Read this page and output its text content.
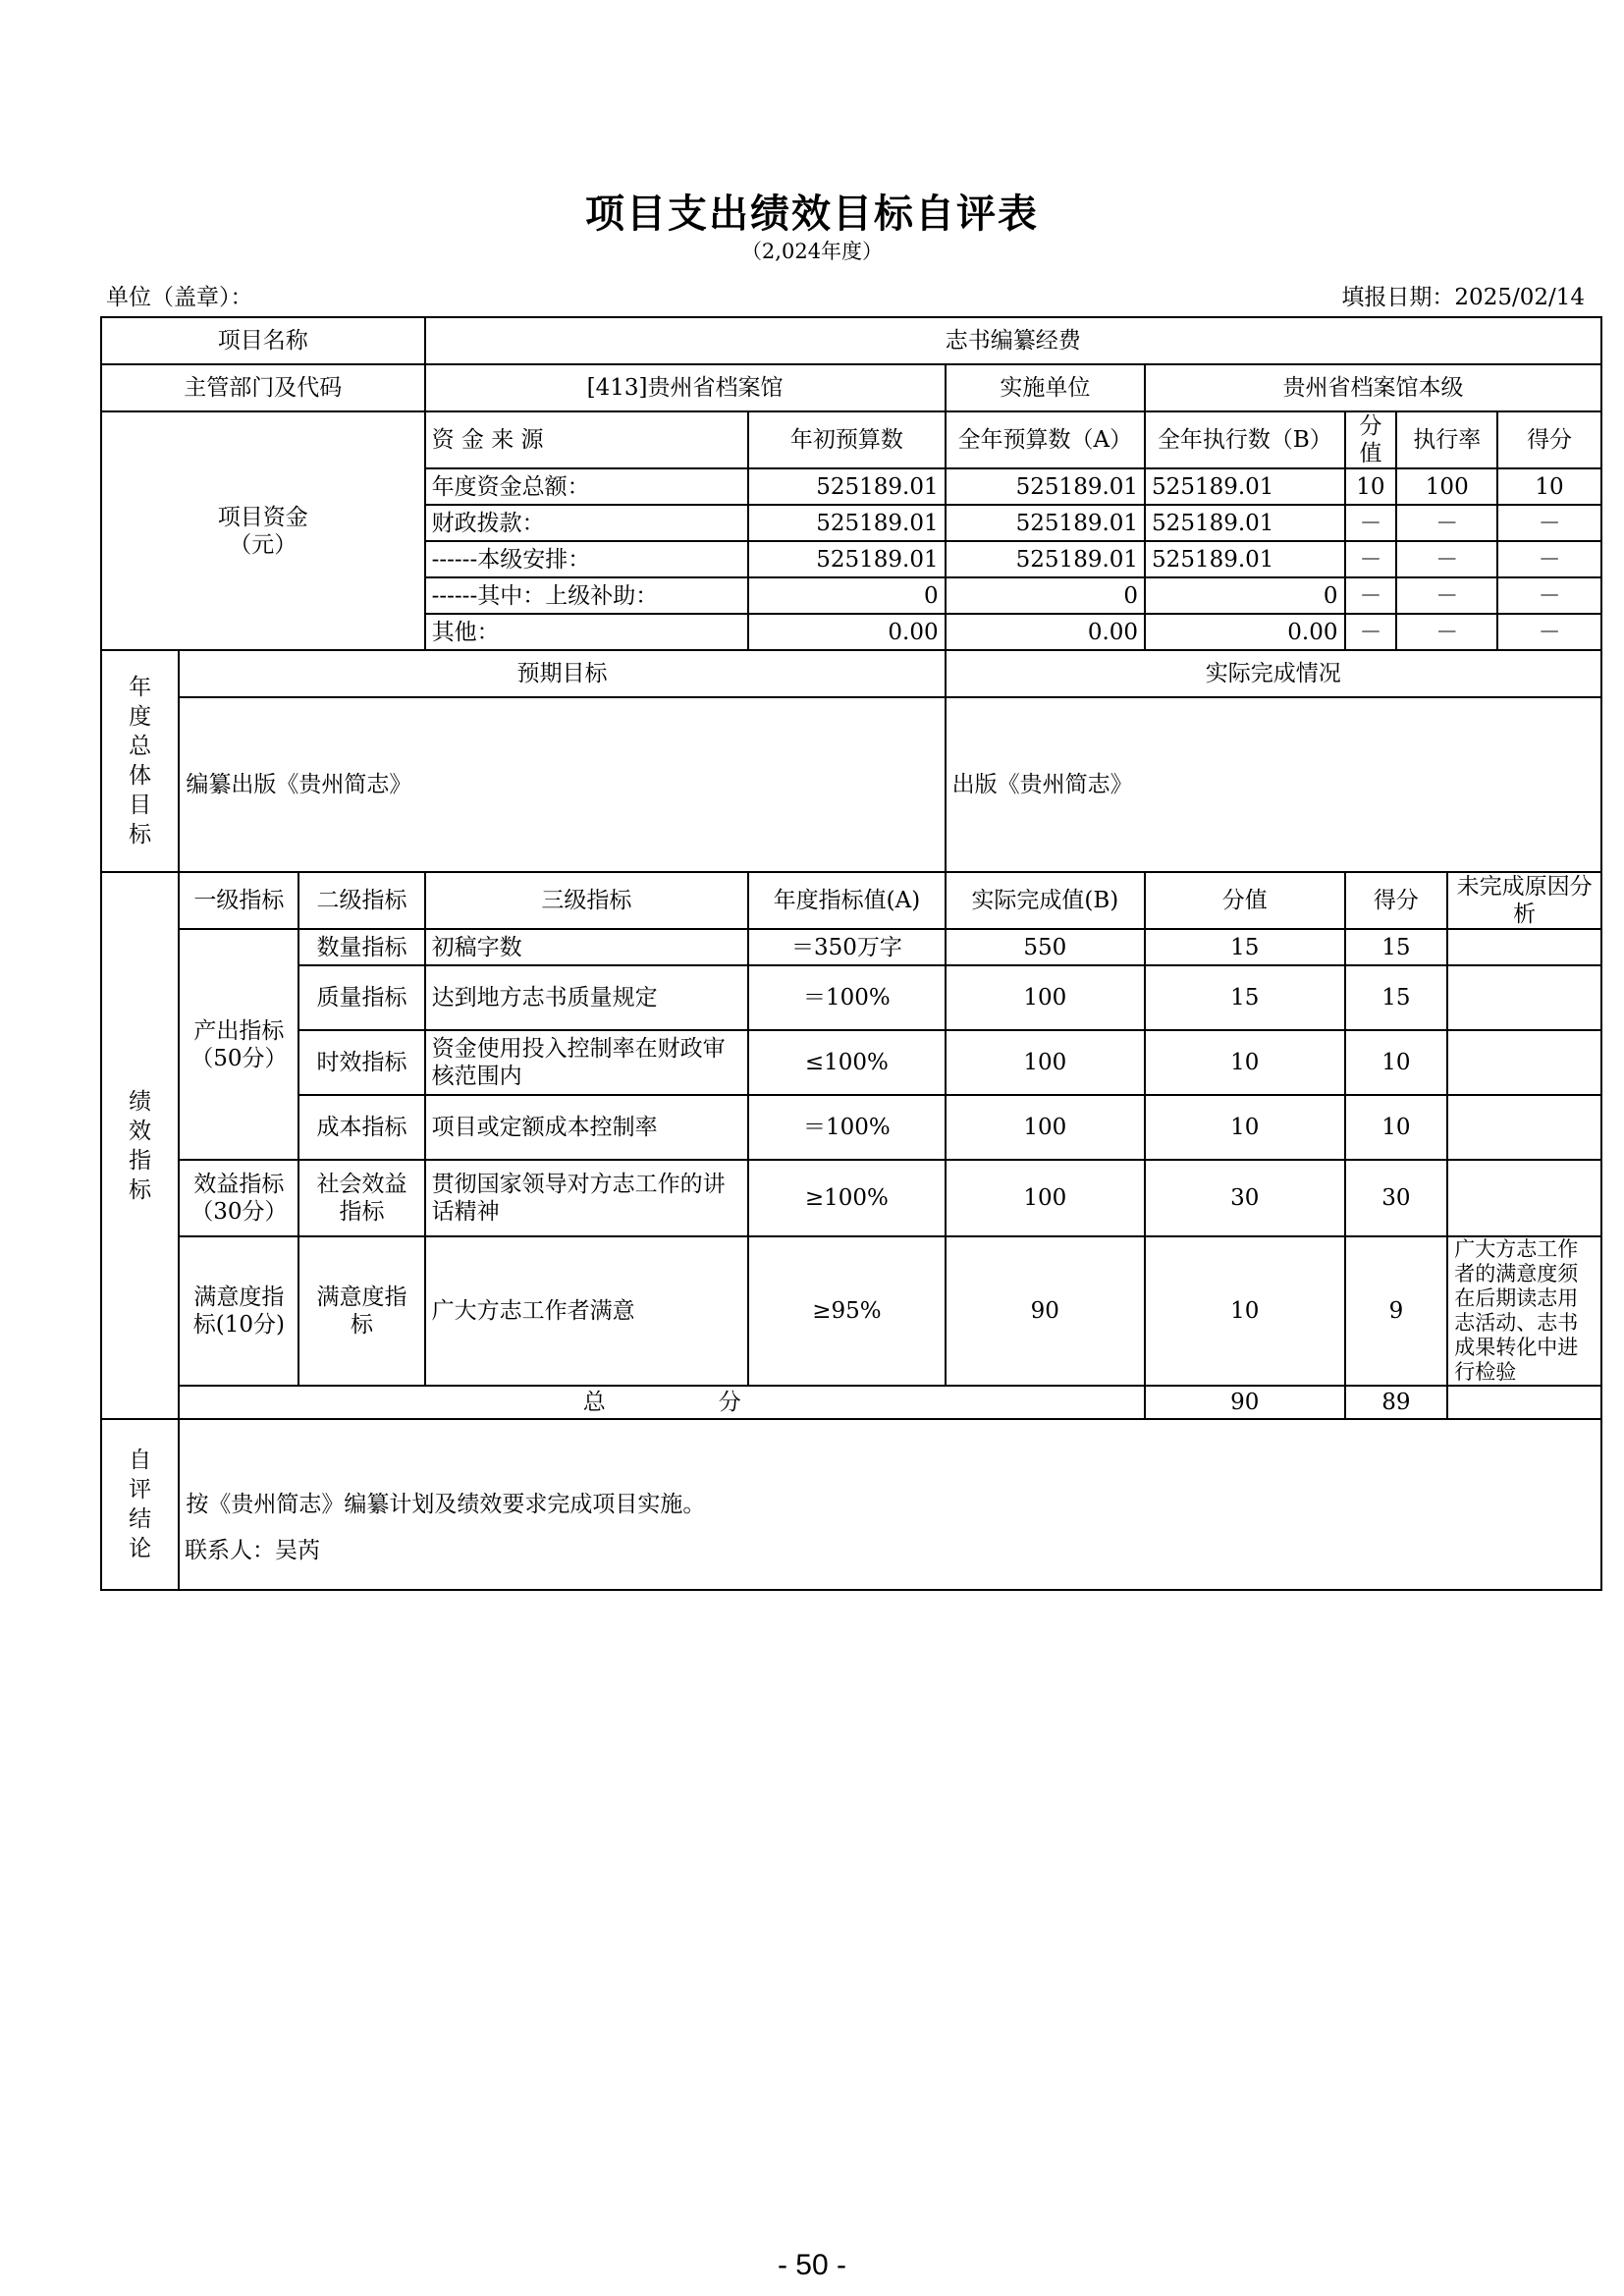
项目支出绩效目标自评表
（2,024年度）
单位（盖章）：	填报日期：2025/02/14
项目名称			志书编纂经费							
主管部门及代码			[413]贵州省档案馆		实施单位	贵州省档案馆本级				

项目资金
（元）			资 金 来 源	年初预算数	全年预算数（A）	全年执行数（B）	分值	执行率		得分
			年度资金总额：	525189.01	525189.01	525189.01	10	100		10
			财政拨款：	525189.01	525189.01	525189.01	－	－		－
			------本级安排：	525189.01	525189.01	525189.01	－	－		－
			------其中：上级补助：	0	0	0	－	－		－
			其他：	0.00	0.00	0.00	－	－		－

年度总体目标	预期目标				实际完成情况					
	编纂出版《贵州简志》				出版《贵州简志》					

绩效指标	一级指标	二级指标	三级指标	年度指标值(A)	实际完成值(B)	分值	得分		未完成原因分析	

	产出指标（50分）	数量指标	初稿字数	＝350万字	550	15	15			
		质量指标	达到地方志书质量规定	＝100%	100	15	15			
		时效指标	资金使用投入控制率在财政审核范围内	≤100%	100	10	10			
		成本指标	项目或定额成本控制率	＝100%	100	10	10			

	效益指标（30分）	社会效益指标	贯彻国家领导对方志工作的讲话精神	≥100%	100	30	30			

	满意度指标(10分)	满意度指标	广大方志工作者满意	≥95%	90	10	9		广大方志工作者的满意度须在后期读志用志活动、志书成果转化中进行检验	
	总　　　　　分					90	89			

自评结论	按《贵州简志》编纂计划及绩效要求完成项目实施。									
联系人：吴芮
- 50 -
